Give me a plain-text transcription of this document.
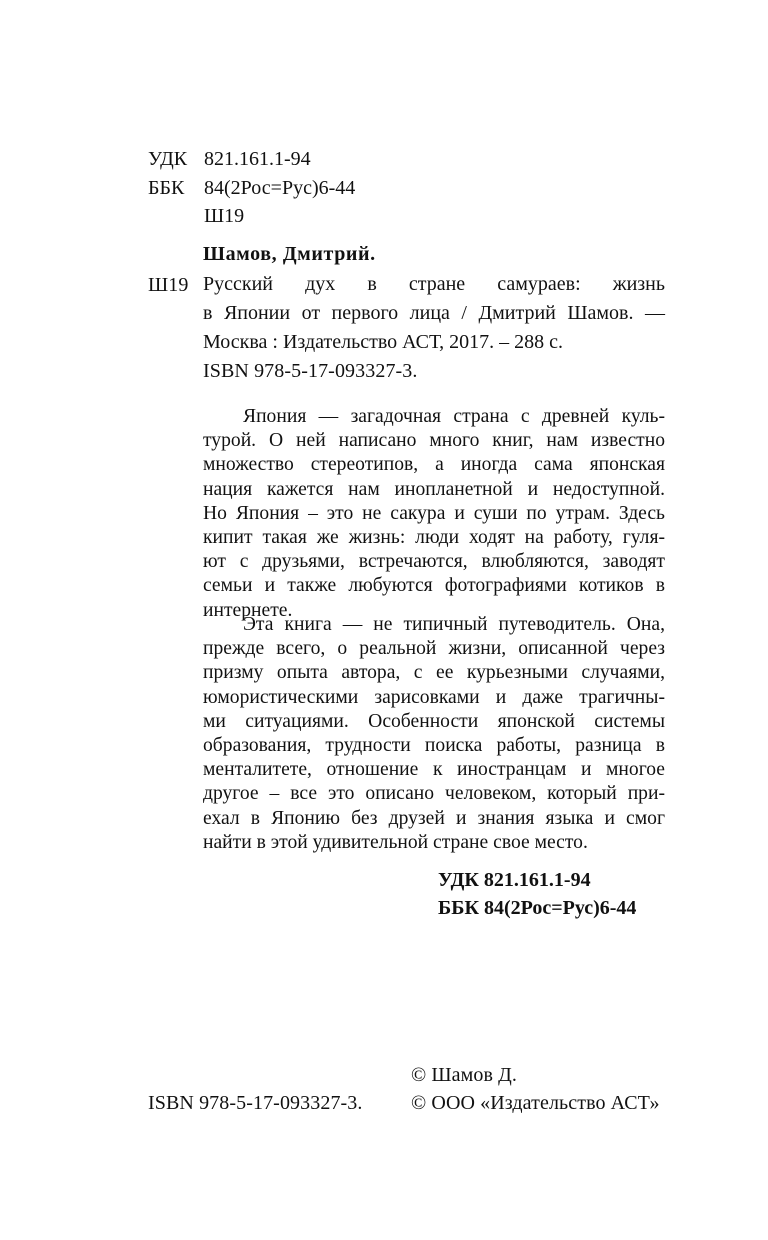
УДК 821.161.1-94
ББК 84(2Рос=Рус)6-44
Ш19
Шамов, Дмитрий.
Ш19 Русский дух в стране самураев: жизнь
в Японии от первого лица / Дмитрий Шамов. —
Москва : Издательство АСТ, 2017. – 288 с.
ISBN 978-5-17-093327-3.
Япония — загадочная страна с древней куль-
турой. О ней написано много книг, нам известно
множество стереотипов, а иногда сама японская
нация кажется нам инопланетной и недоступной.
Но Япония – это не сакура и суши по утрам. Здесь
кипит такая же жизнь: люди ходят на работу, гуля-
ют с друзьями, встречаются, влюбляются, заводят
семьи и также любуются фотографиями котиков в
интернете.
Эта книга — не типичный путеводитель. Она,
прежде всего, о реальной жизни, описанной через
призму опыта автора, с ее курьезными случаями,
юмористическими зарисовками и даже трагичны-
ми ситуациями. Особенности японской системы
образования, трудности поиска работы, разница в
менталитете, отношение к иностранцам и многое
другое – все это описано человеком, который при-
ехал в Японию без друзей и знания языка и смог
найти в этой удивительной стране свое место.
УДК 821.161.1-94
ББК 84(2Рос=Рус)6-44
© Шамов Д.
ISBN 978-5-17-093327-3. © ООО «Издательство АСТ»
